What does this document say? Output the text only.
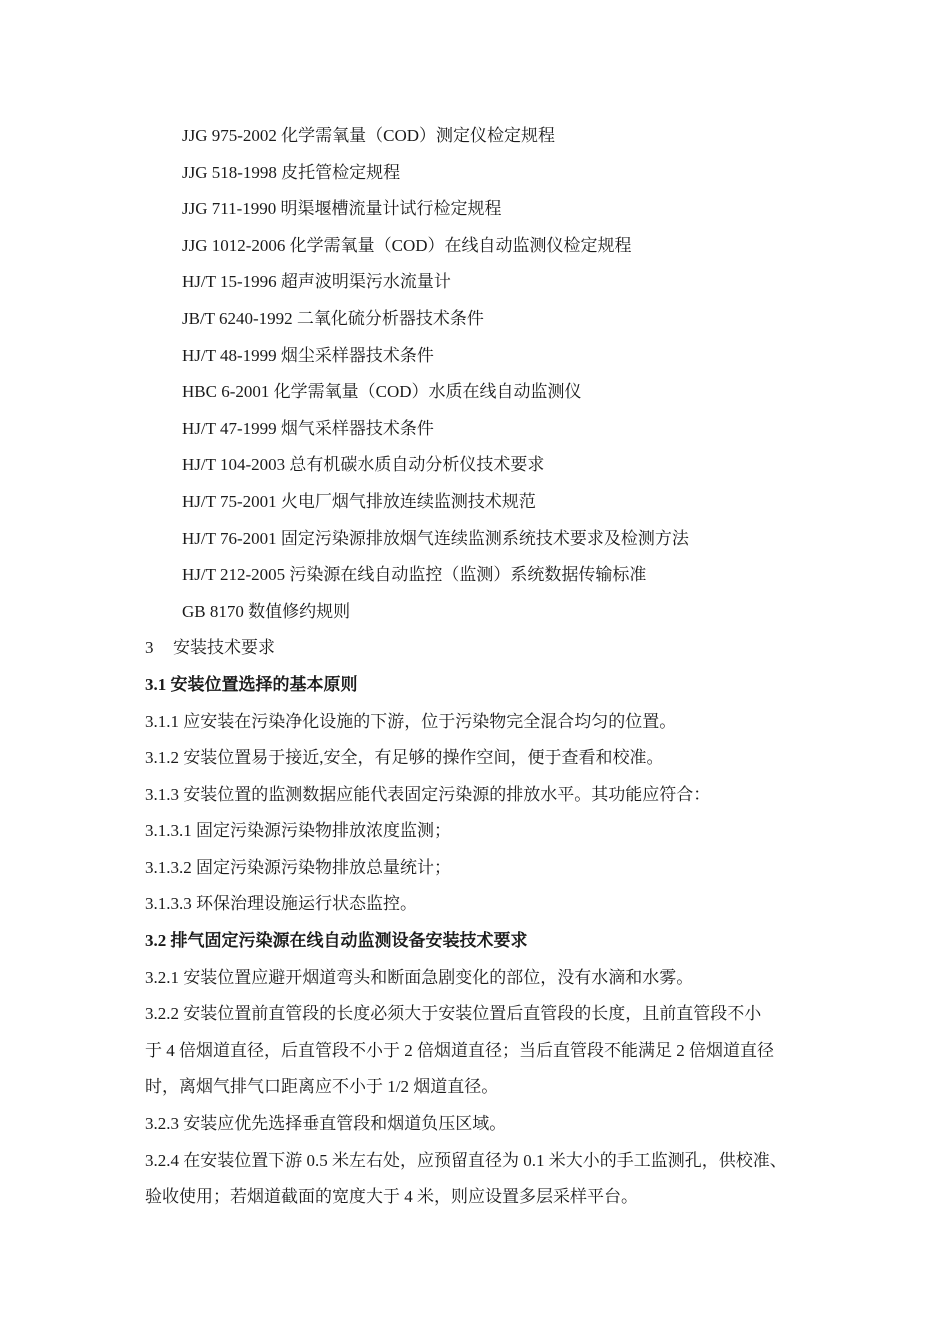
JJG 975-2002 化学需氧量（COD）测定仪检定规程
JJG 518-1998 皮托管检定规程
JJG 711-1990 明渠堰槽流量计试行检定规程
JJG 1012-2006 化学需氧量（COD）在线自动监测仪检定规程
HJ/T 15-1996 超声波明渠污水流量计
JB/T 6240-1992 二氧化硫分析器技术条件
HJ/T 48-1999 烟尘采样器技术条件
HBC 6-2001 化学需氧量（COD）水质在线自动监测仪
HJ/T 47-1999 烟气采样器技术条件
HJ/T 104-2003 总有机碳水质自动分析仪技术要求
HJ/T 75-2001 火电厂烟气排放连续监测技术规范
HJ/T 76-2001 固定污染源排放烟气连续监测系统技术要求及检测方法
HJ/T 212-2005 污染源在线自动监控（监测）系统数据传输标准
GB 8170 数值修约规则
3 安装技术要求
3.1 安装位置选择的基本原则
3.1.1 应安装在污染净化设施的下游，位于污染物完全混合均匀的位置。
3.1.2 安装位置易于接近,安全，有足够的操作空间，便于查看和校准。
3.1.3 安装位置的监测数据应能代表固定污染源的排放水平。其功能应符合：
3.1.3.1 固定污染源污染物排放浓度监测；
3.1.3.2 固定污染源污染物排放总量统计；
3.1.3.3 环保治理设施运行状态监控。
3.2 排气固定污染源在线自动监测设备安装技术要求
3.2.1 安装位置应避开烟道弯头和断面急剧变化的部位，没有水滴和水雾。
3.2.2 安装位置前直管段的长度必须大于安装位置后直管段的长度，且前直管段不小
于 4 倍烟道直径，后直管段不小于 2 倍烟道直径；当后直管段不能满足 2 倍烟道直径
时，离烟气排气口距离应不小于 1/2 烟道直径。
3.2.3 安装应优先选择垂直管段和烟道负压区域。
3.2.4 在安装位置下游 0.5 米左右处，应预留直径为 0.1 米大小的手工监测孔，供校准、
验收使用；若烟道截面的宽度大于 4 米，则应设置多层采样平台。
